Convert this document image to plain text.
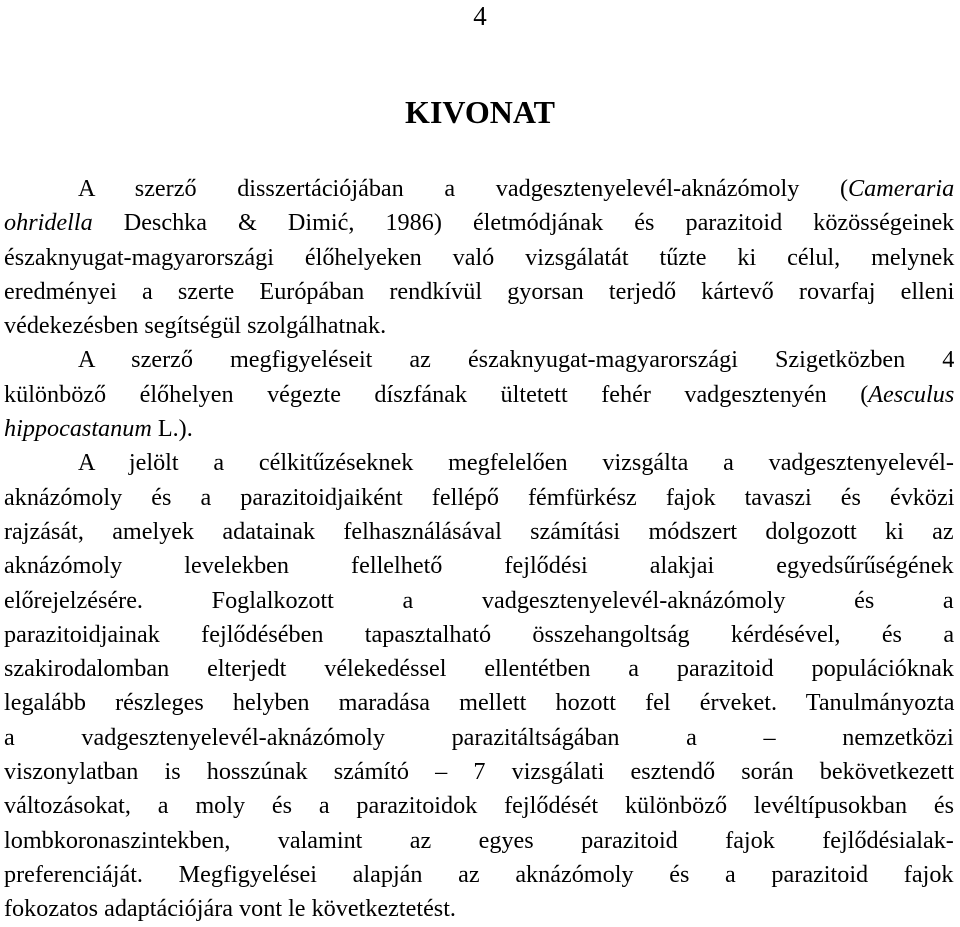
4
KIVONAT
A szerző disszertációjában a vadgesztenyelevél-aknázómoly (Cameraria
ohridella Deschka & Dimić, 1986) életmódjának és parazitoid közösségeinek
északnyugat-magyarországi élőhelyeken való vizsgálatát tűzte ki célul, melynek
eredményei a szerte Európában rendkívül gyorsan terjedő kártevő rovarfaj elleni
védekezésben segítségül szolgálhatnak.
A szerző megfigyeléseit az északnyugat-magyarországi Szigetközben 4
különböző élőhelyen végezte díszfának ültetett fehér vadgesztenyén (Aesculus
hippocastanum L.).
A jelölt a célkitűzéseknek megfelelően vizsgálta a vadgesztenyelevél-
aknázómoly és a parazitoidjaiként fellépő fémfürkész fajok tavaszi és évközi
rajzását, amelyek adatainak felhasználásával számítási módszert dolgozott ki az
aknázómoly levelekben fellelhető fejlődési alakjai egyedsűrűségének
előrejelzésére. Foglalkozott a vadgesztenyelevél-aknázómoly és a
parazitoidjainak fejlődésében tapasztalható összehangoltság kérdésével, és a
szakirodalomban elterjedt vélekedéssel ellentétben a parazitoid populációknak
legalább részleges helyben maradása mellett hozott fel érveket. Tanulmányozta
a vadgesztenyelevél-aknázómoly parazitáltságában a – nemzetközi
viszonylatban is hosszúnak számító – 7 vizsgálati esztendő során bekövetkezett
változásokat, a moly és a parazitoidok fejlődését különböző levéltípusokban és
lombkoronaszintekben, valamint az egyes parazitoid fajok fejlődésialak-
preferenciáját. Megfigyelései alapján az aknázómoly és a parazitoid fajok
fokozatos adaptációjára vont le következtetést.
